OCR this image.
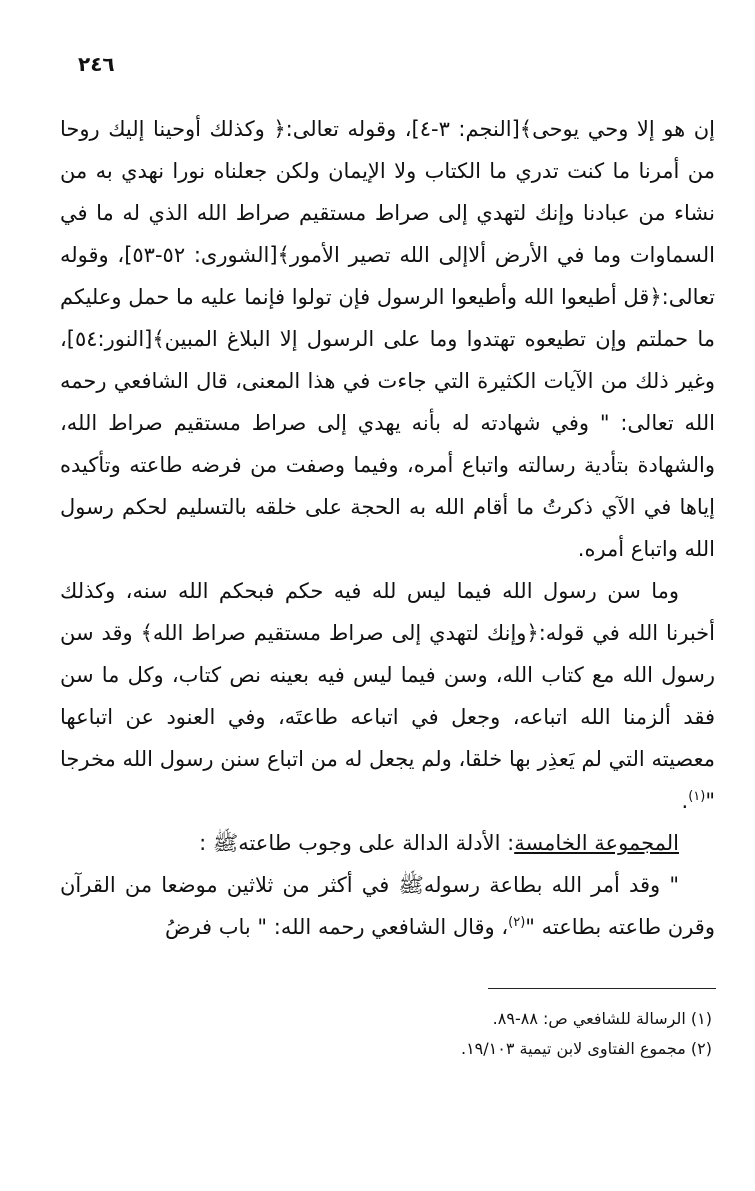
٢٤٦

إن هو إلا وحي يوحى﴾[النجم: ٣-٤]، وقوله تعالى:﴿ وكذلك أوحينا إليك روحا من أمرنا ما كنت تدري ما الكتاب ولا الإيمان ولكن جعلناه نورا نهدي به من نشاء من عبادنا وإنك لتهدي إلى صراط مستقيم صراط الله الذي له ما في السماوات وما في الأرض ألاإلى الله تصير الأمور﴾[الشورى: ٥٢-٥٣]، وقوله تعالى:﴿قل أطيعوا الله وأطيعوا الرسول فإن تولوا فإنما عليه ما حمل وعليكم ما حملتم وإن تطيعوه تهتدوا وما على الرسول إلا البلاغ المبين﴾[النور:٥٤]، وغير ذلك من الآيات الكثيرة التي جاءت في هذا المعنى، قال الشافعي رحمه الله تعالى: " وفي شهادته له بأنه يهدي إلى صراط مستقيم صراط الله، والشهادة بتأدية رسالته واتباع أمره، وفيما وصفت من فرضه طاعته وتأكيده إياها في الآي ذكرتُ ما أقام الله به الحجة على خلقه بالتسليم لحكم رسول الله واتباع أمره.

وما سن رسول الله فيما ليس لله فيه حكم فبحكم الله سنه، وكذلك أخبرنا الله في قوله:﴿وإنك لتهدي إلى صراط مستقيم صراط الله﴾ وقد سن رسول الله مع كتاب الله، وسن فيما ليس فيه بعينه نص كتاب، وكل ما سن فقد ألزمنا الله اتباعه، وجعل في اتباعه طاعتَه، وفي العنود عن اتباعها معصيته التي لم يَعذِر بها خلقا، ولم يجعل له من اتباع سنن رسول الله مخرجا "$^{(١)}$.

المجموعة الخامسة: الأدلة الدالة على وجوب طاعتهﷺ :

" وقد أمر الله بطاعة رسولهﷺ في أكثر من ثلاثين موضعا من القرآن وقرن طاعته بطاعته "$^{(٢)}$، وقال الشافعي رحمه الله: " باب فرضُ

(١) الرسالة للشافعي ص: ٨٨-٨٩.

(٢) مجموع الفتاوى لابن تيمية ١٩/١٠٣.
